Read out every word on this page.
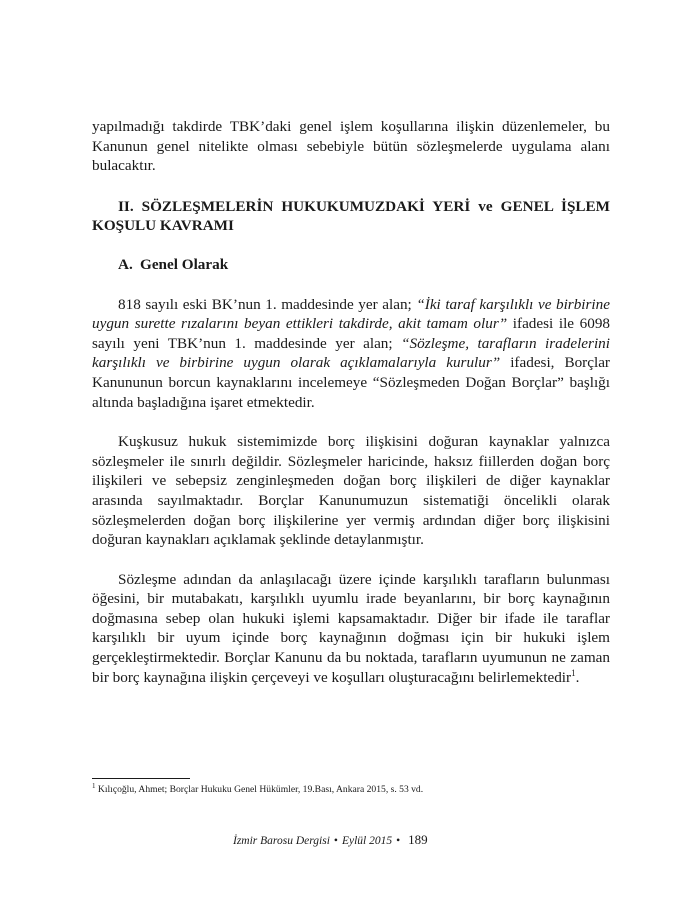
yapılmadığı takdirde TBK’daki genel işlem koşullarına ilişkin düzenlemeler, bu Kanunun genel nitelikte olması sebebiyle bütün sözleşmelerde uygulama alanı bulacaktır.

II. SÖZLEŞMELERİN HUKUKUMUZDAKİ YERİ ve GENEL İŞLEM KOŞULU KAVRAMI

A. Genel Olarak

818 sayılı eski BK’nun 1. maddesinde yer alan; “İki taraf karşılıklı ve birbirine uygun surette rızalarını beyan ettikleri takdirde, akit tamam olur” ifadesi ile 6098 sayılı yeni TBK’nun 1. maddesinde yer alan; “Sözleşme, tarafların iradelerini karşılıklı ve birbirine uygun olarak açıklamalarıyla kurulur” ifadesi, Borçlar Kanununun borcun kaynaklarını incelemeye “Sözleşmeden Doğan Borçlar” başlığı altında başladığına işaret etmektedir.

Kuşkusuz hukuk sistemimizde borç ilişkisini doğuran kaynaklar yalnızca sözleşmeler ile sınırlı değildir. Sözleşmeler haricinde, haksız fiillerden doğan borç ilişkileri ve sebepsiz zenginleşmeden doğan borç ilişkileri de diğer kaynaklar arasında sayılmaktadır. Borçlar Kanunumuzun sistematiği öncelikli olarak sözleşmelerden doğan borç ilişkilerine yer vermiş ardından diğer borç ilişkisini doğuran kaynakları açıklamak şeklinde detaylanmıştır.

Sözleşme adından da anlaşılacağı üzere içinde karşılıklı tarafların bulunması öğesini, bir mutabakatı, karşılıklı uyumlu irade beyanlarını, bir borç kaynağının doğmasına sebep olan hukuki işlemi kapsamaktadır. Diğer bir ifade ile taraflar karşılıklı bir uyum içinde borç kaynağının doğması için bir hukuki işlem gerçekleştirmektedir. Borçlar Kanunu da bu noktada, tarafların uyumunun ne zaman bir borç kaynağına ilişkin çerçeveyi ve koşulları oluşturacağını belirlemektedir$^1$.

$^1$ Kılıçoğlu, Ahmet; Borçlar Hukuku Genel Hükümler, 19.Bası, Ankara 2015, s. 53 vd.
İzmir Barosu Dergisi • Eylül 2015 • 189
